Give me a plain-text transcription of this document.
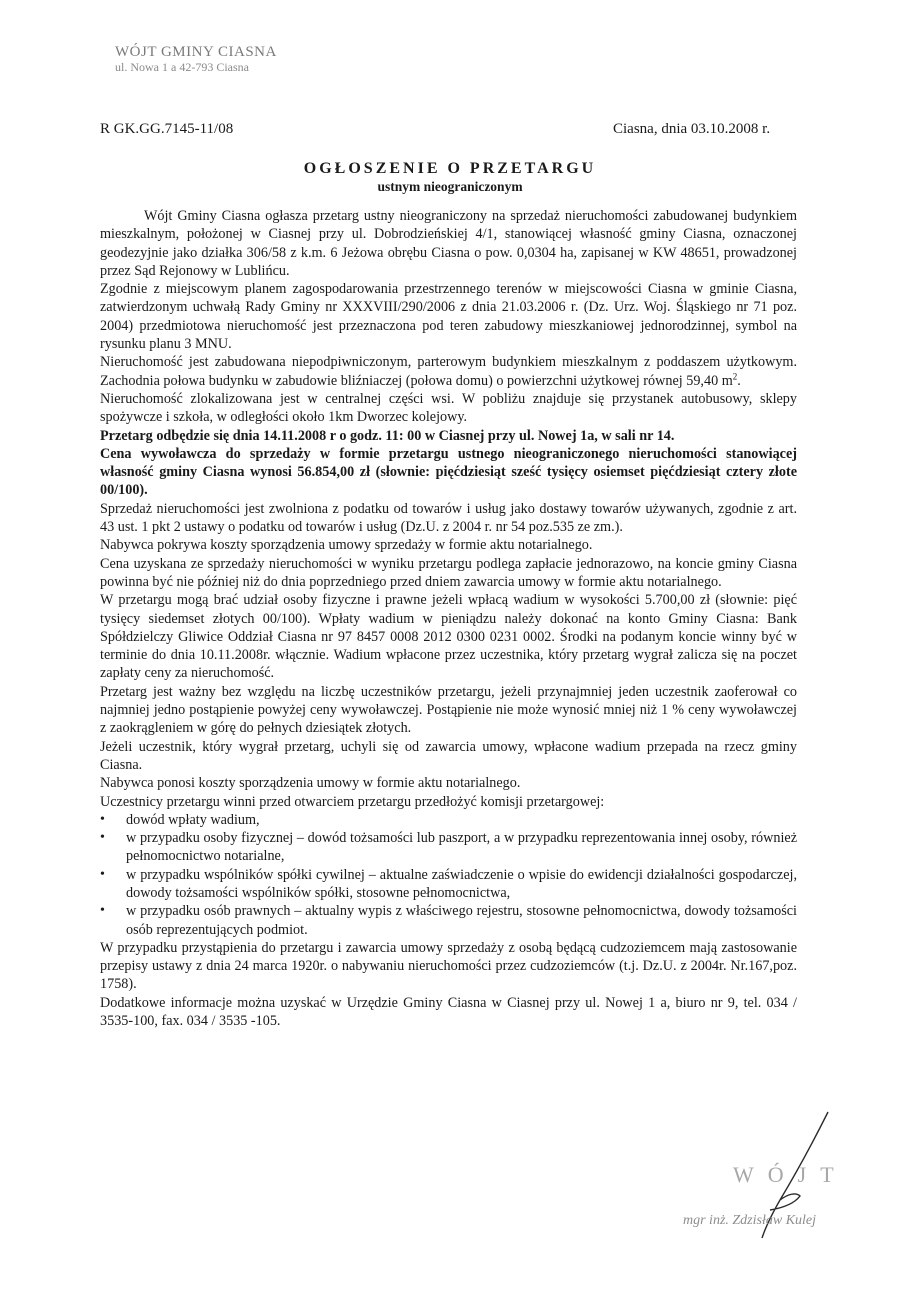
WÓJT GMINY CIASNA
ul. Nowa 1 a 42-793 Ciasna
R GK.GG.7145-11/08	Ciasna, dnia 03.10.2008 r.
OGŁOSZENIE O PRZETARGU
ustnym nieograniczonym

Wójt Gminy Ciasna ogłasza przetarg ustny nieograniczony na sprzedaż nieruchomości zabudowanej budynkiem mieszkalnym, położonej w Ciasnej przy ul. Dobrodzieńskiej 4/1, stanowiącej własność gminy Ciasna, oznaczonej geodezyjnie jako działka 306/58 z k.m. 6 Jeżowa obrębu Ciasna o pow. 0,0304 ha, zapisanej w KW 48651, prowadzonej przez Sąd Rejonowy w Lublińcu.

Zgodnie z miejscowym planem zagospodarowania przestrzennego terenów w miejscowości Ciasna w gminie Ciasna, zatwierdzonym uchwałą Rady Gminy nr XXXVIII/290/2006 z dnia 21.03.2006 r. (Dz. Urz. Woj. Śląskiego nr 71 poz. 2004) przedmiotowa nieruchomość jest przeznaczona pod teren zabudowy mieszkaniowej jednorodzinnej, symbol na rysunku planu 3 MNU.

Nieruchomość jest zabudowana niepodpiwniczonym, parterowym budynkiem mieszkalnym z poddaszem użytkowym. Zachodnia połowa budynku w zabudowie bliźniaczej (połowa domu) o powierzchni użytkowej równej 59,40 $m^2$.

Nieruchomość zlokalizowana jest w centralnej części wsi. W pobliżu znajduje się przystanek autobusowy, sklepy spożywcze i szkoła, w odległości około 1km Dworzec kolejowy.

Przetarg odbędzie się dnia 14.11.2008 r o godz. 11: 00 w Ciasnej przy ul. Nowej 1a, w sali nr 14.

Cena wywoławcza do sprzedaży w formie przetargu ustnego nieograniczonego nieruchomości stanowiącej własność gminy Ciasna wynosi 56.854,00 zł (słownie: pięćdziesiąt sześć tysięcy osiemset pięćdziesiąt cztery złote 00/100).

Sprzedaż nieruchomości jest zwolniona z podatku od towarów i usług jako dostawy towarów używanych, zgodnie z art. 43 ust. 1 pkt 2 ustawy o podatku od towarów i usług (Dz.U. z 2004 r. nr 54 poz.535 ze zm.).

Nabywca pokrywa koszty sporządzenia umowy sprzedaży w formie aktu notarialnego.

Cena uzyskana ze sprzedaży nieruchomości w wyniku przetargu podlega zapłacie jednorazowo, na koncie gminy Ciasna powinna być nie później niż do dnia poprzedniego przed dniem zawarcia umowy w formie aktu notarialnego.

W przetargu mogą brać udział osoby fizyczne i prawne jeżeli wpłacą wadium w wysokości 5.700,00 zł (słownie: pięć tysięcy siedemset złotych 00/100). Wpłaty wadium w pieniądzu należy dokonać na konto Gminy Ciasna: Bank Spółdzielczy Gliwice Oddział Ciasna nr 97 8457 0008 2012 0300 0231 0002. Środki na podanym koncie winny być w terminie do dnia 10.11.2008r. włącznie. Wadium wpłacone przez uczestnika, który przetarg wygrał zalicza się na poczet zapłaty ceny za nieruchomość.

Przetarg jest ważny bez względu na liczbę uczestników przetargu, jeżeli przynajmniej jeden uczestnik zaoferował co najmniej jedno postąpienie powyżej ceny wywoławczej. Postąpienie nie może wynosić mniej niż 1 % ceny wywoławczej z zaokrągleniem w górę do pełnych dziesiątek złotych.

Jeżeli uczestnik, który wygrał przetarg, uchyli się od zawarcia umowy, wpłacone wadium przepada na rzecz gminy Ciasna.

Nabywca ponosi koszty sporządzenia umowy w formie aktu notarialnego.

Uczestnicy przetargu winni przed otwarciem przetargu przedłożyć komisji przetargowej:

• dowód wpłaty wadium,
• w przypadku osoby fizycznej – dowód tożsamości lub paszport, a w przypadku reprezentowania innej osoby, również pełnomocnictwo notarialne,
• w przypadku wspólników spółki cywilnej – aktualne zaświadczenie o wpisie do ewidencji działalności gospodarczej, dowody tożsamości wspólników spółki, stosowne pełnomocnictwa,
• w przypadku osób prawnych – aktualny wypis z właściwego rejestru, stosowne pełnomocnictwa, dowody tożsamości osób reprezentujących podmiot.

W przypadku przystąpienia do przetargu i zawarcia umowy sprzedaży z osobą będącą cudzoziemcem mają zastosowanie przepisy ustawy z dnia 24 marca 1920r. o nabywaniu nieruchomości przez cudzoziemców (t.j. Dz.U. z 2004r. Nr.167,poz. 1758).

Dodatkowe informacje można uzyskać w Urzędzie Gminy Ciasna w Ciasnej przy ul. Nowej 1 a, biuro nr 9, tel. 034 / 3535-100, fax. 034 / 3535 -105.

WÓJT
mgr inż. Zdzisław Kulej
